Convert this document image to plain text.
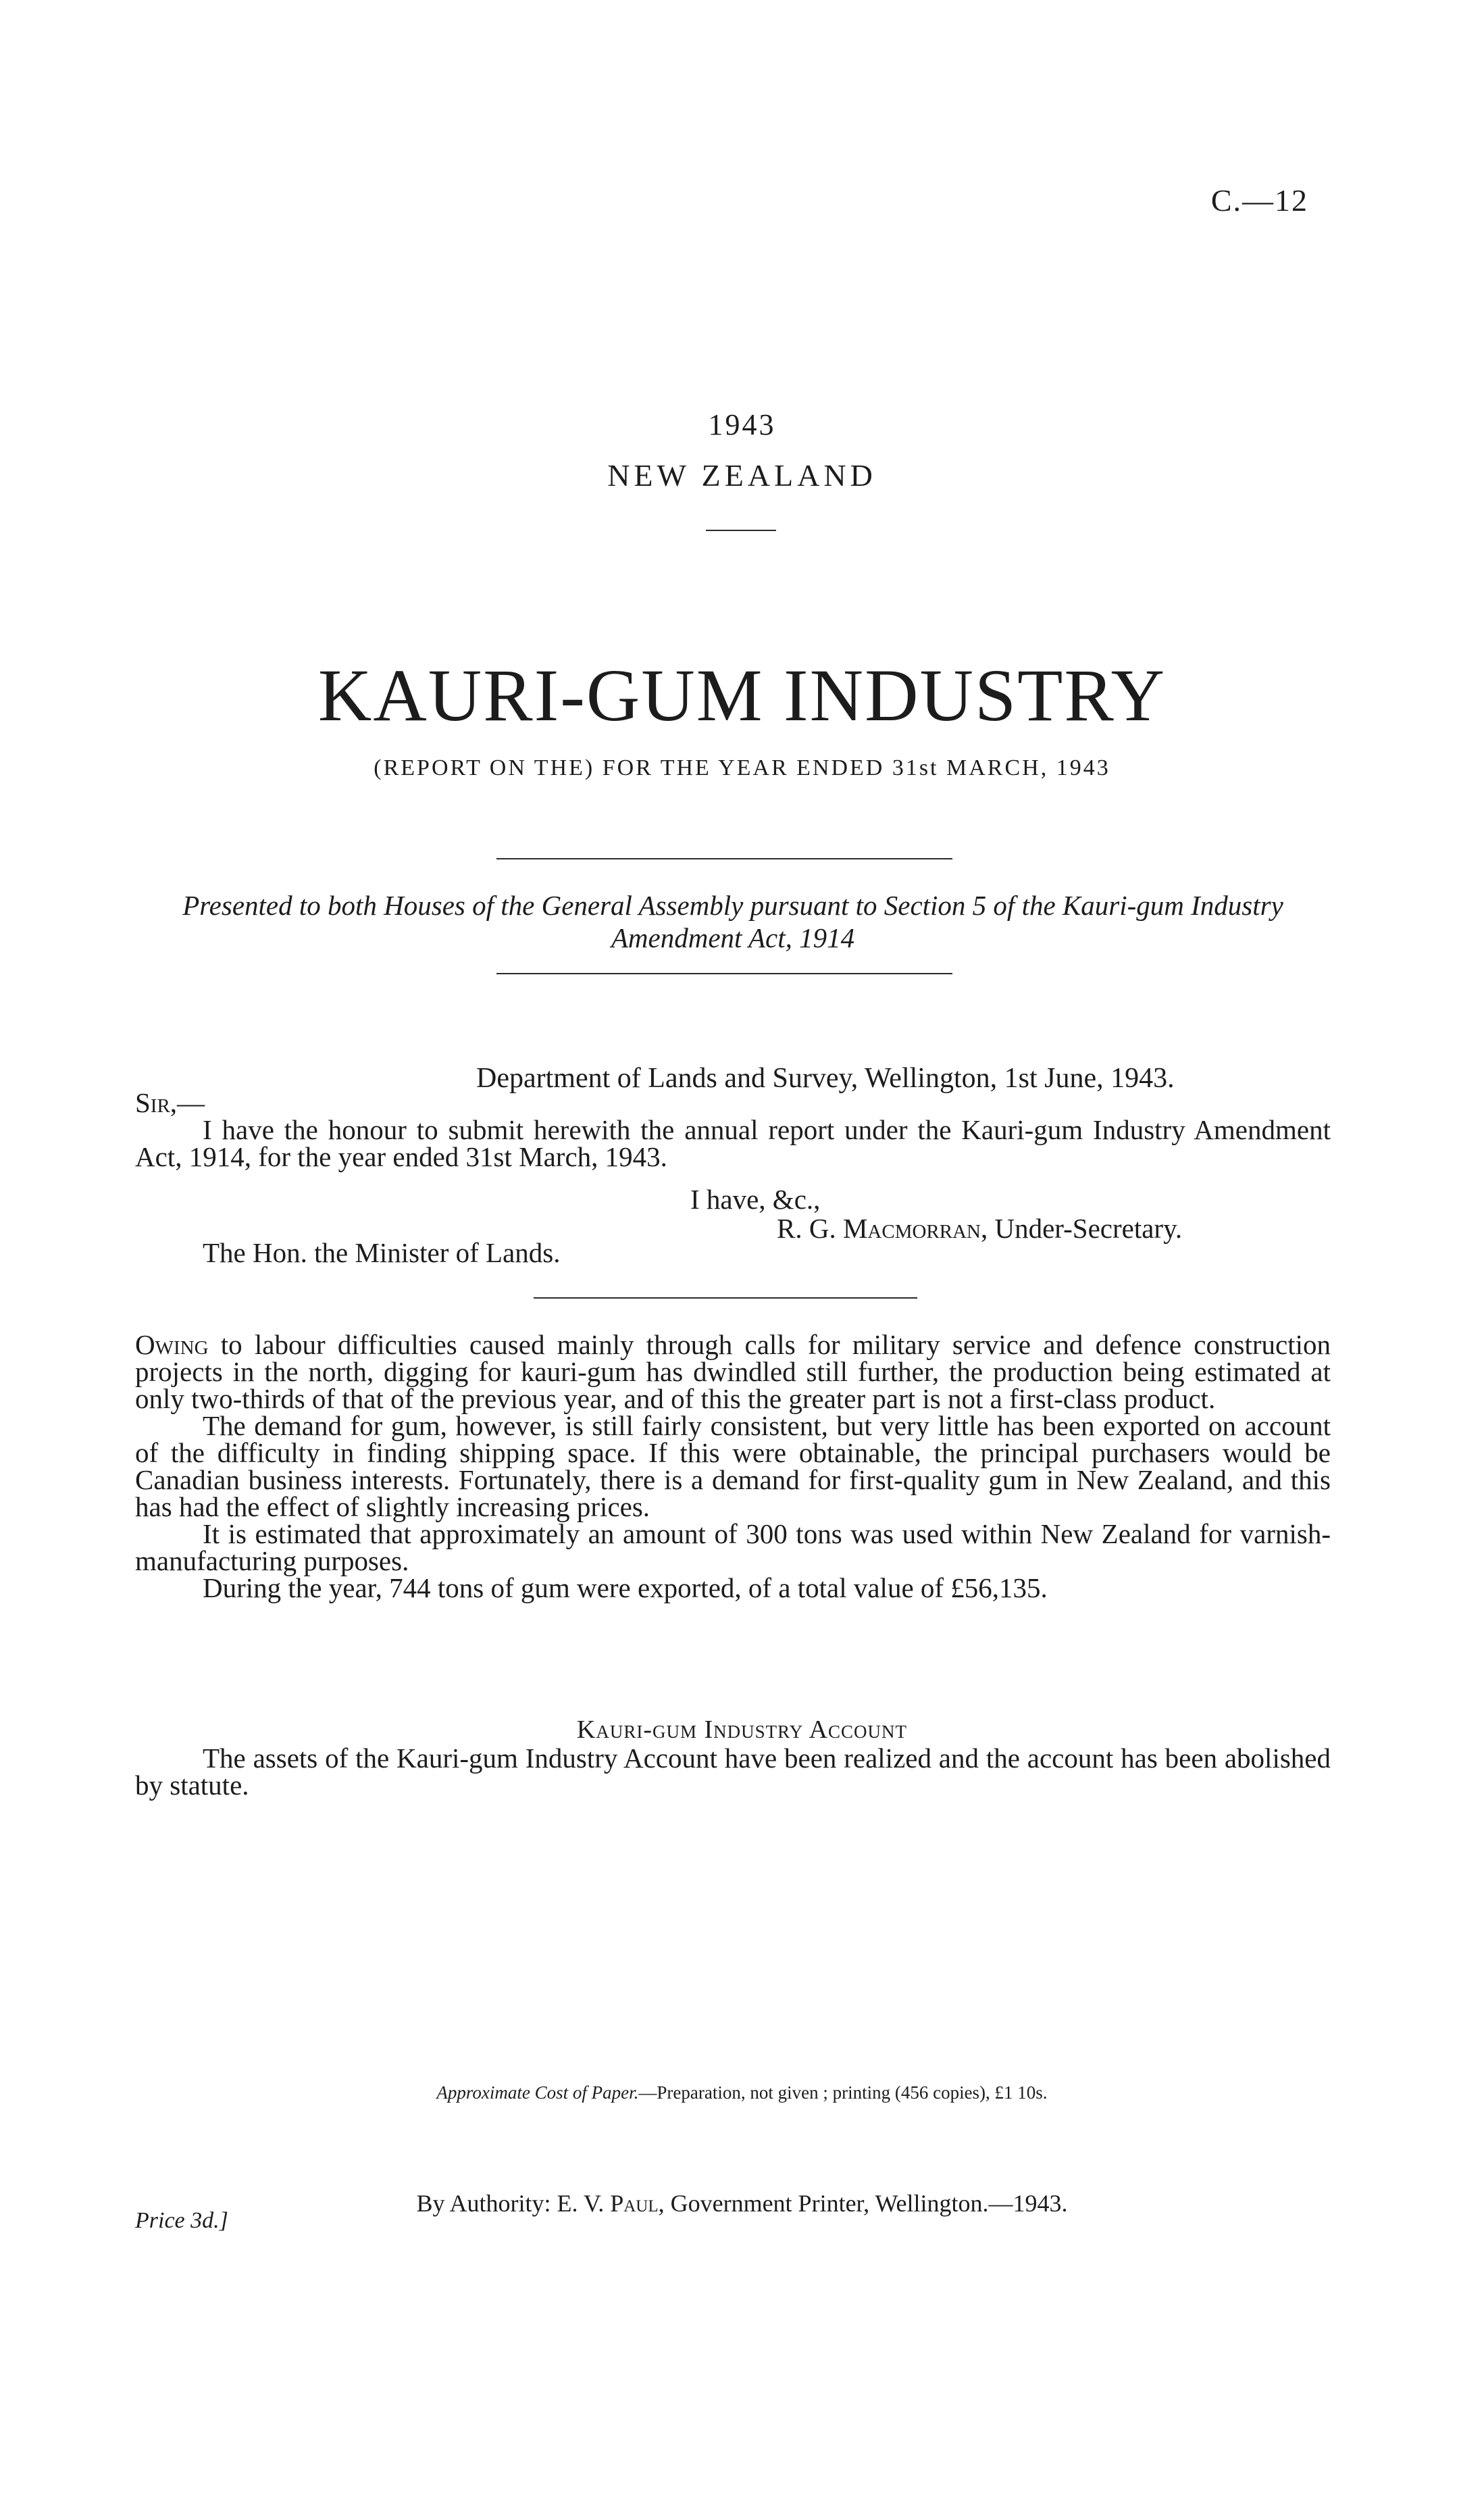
C.—12
1943
NEW ZEALAND
KAURI-GUM INDUSTRY
(REPORT ON THE) FOR THE YEAR ENDED 31st MARCH, 1943
Presented to both Houses of the General Assembly pursuant to Section 5 of the Kauri-gum Industry Amendment Act, 1914
Department of Lands and Survey, Wellington, 1st June, 1943.
Sir,—
I have the honour to submit herewith the annual report under the Kauri-gum Industry Amendment Act, 1914, for the year ended 31st March, 1943.
I have, &c.,
R. G. Macmorran, Under-Secretary.
The Hon. the Minister of Lands.
Owing to labour difficulties caused mainly through calls for military service and defence construction projects in the north, digging for kauri-gum has dwindled still further, the production being estimated at only two-thirds of that of the previous year, and of this the greater part is not a first-class product.
The demand for gum, however, is still fairly consistent, but very little has been exported on account of the difficulty in finding shipping space. If this were obtainable, the principal purchasers would be Canadian business interests. Fortunately, there is a demand for first-quality gum in New Zealand, and this has had the effect of slightly increasing prices.
It is estimated that approximately an amount of 300 tons was used within New Zealand for varnish-manufacturing purposes.
During the year, 744 tons of gum were exported, of a total value of £56,135.
Kauri-gum Industry Account
The assets of the Kauri-gum Industry Account have been realized and the account has been abolished by statute.
Approximate Cost of Paper.—Preparation, not given ; printing (456 copies), £1 10s.
Price 3d.]
By Authority: E. V. Paul, Government Printer, Wellington.—1943.
